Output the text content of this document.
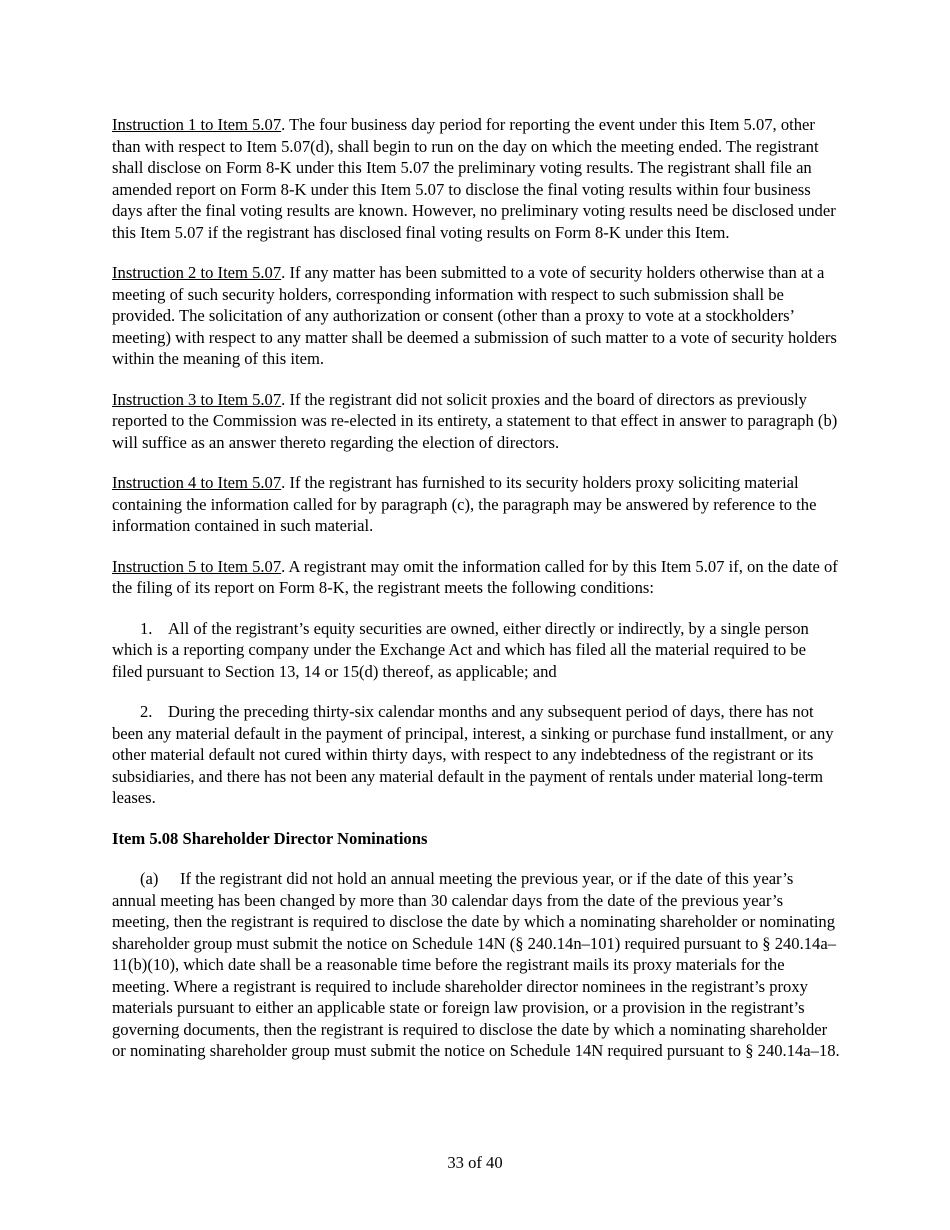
Instruction 1 to Item 5.07. The four business day period for reporting the event under this Item 5.07, other than with respect to Item 5.07(d), shall begin to run on the day on which the meeting ended. The registrant shall disclose on Form 8-K under this Item 5.07 the preliminary voting results. The registrant shall file an amended report on Form 8-K under this Item 5.07 to disclose the final voting results within four business days after the final voting results are known. However, no preliminary voting results need be disclosed under this Item 5.07 if the registrant has disclosed final voting results on Form 8-K under this Item.

Instruction 2 to Item 5.07. If any matter has been submitted to a vote of security holders otherwise than at a meeting of such security holders, corresponding information with respect to such submission shall be provided. The solicitation of any authorization or consent (other than a proxy to vote at a stockholders’ meeting) with respect to any matter shall be deemed a submission of such matter to a vote of security holders within the meaning of this item.

Instruction 3 to Item 5.07. If the registrant did not solicit proxies and the board of directors as previously reported to the Commission was re-elected in its entirety, a statement to that effect in answer to paragraph (b) will suffice as an answer thereto regarding the election of directors.

Instruction 4 to Item 5.07. If the registrant has furnished to its security holders proxy soliciting material containing the information called for by paragraph (c), the paragraph may be answered by reference to the information contained in such material.

Instruction 5 to Item 5.07. A registrant may omit the information called for by this Item 5.07 if, on the date of the filing of its report on Form 8-K, the registrant meets the following conditions:

1. All of the registrant’s equity securities are owned, either directly or indirectly, by a single person which is a reporting company under the Exchange Act and which has filed all the material required to be filed pursuant to Section 13, 14 or 15(d) thereof, as applicable; and

2. During the preceding thirty-six calendar months and any subsequent period of days, there has not been any material default in the payment of principal, interest, a sinking or purchase fund installment, or any other material default not cured within thirty days, with respect to any indebtedness of the registrant or its subsidiaries, and there has not been any material default in the payment of rentals under material long-term leases.

Item 5.08 Shareholder Director Nominations

(a) If the registrant did not hold an annual meeting the previous year, or if the date of this year’s annual meeting has been changed by more than 30 calendar days from the date of the previous year’s meeting, then the registrant is required to disclose the date by which a nominating shareholder or nominating shareholder group must submit the notice on Schedule 14N (§ 240.14n–101) required pursuant to § 240.14a–11(b)(10), which date shall be a reasonable time before the registrant mails its proxy materials for the meeting. Where a registrant is required to include shareholder director nominees in the registrant’s proxy materials pursuant to either an applicable state or foreign law provision, or a provision in the registrant’s governing documents, then the registrant is required to disclose the date by which a nominating shareholder or nominating shareholder group must submit the notice on Schedule 14N required pursuant to § 240.14a–18.

33 of 40
